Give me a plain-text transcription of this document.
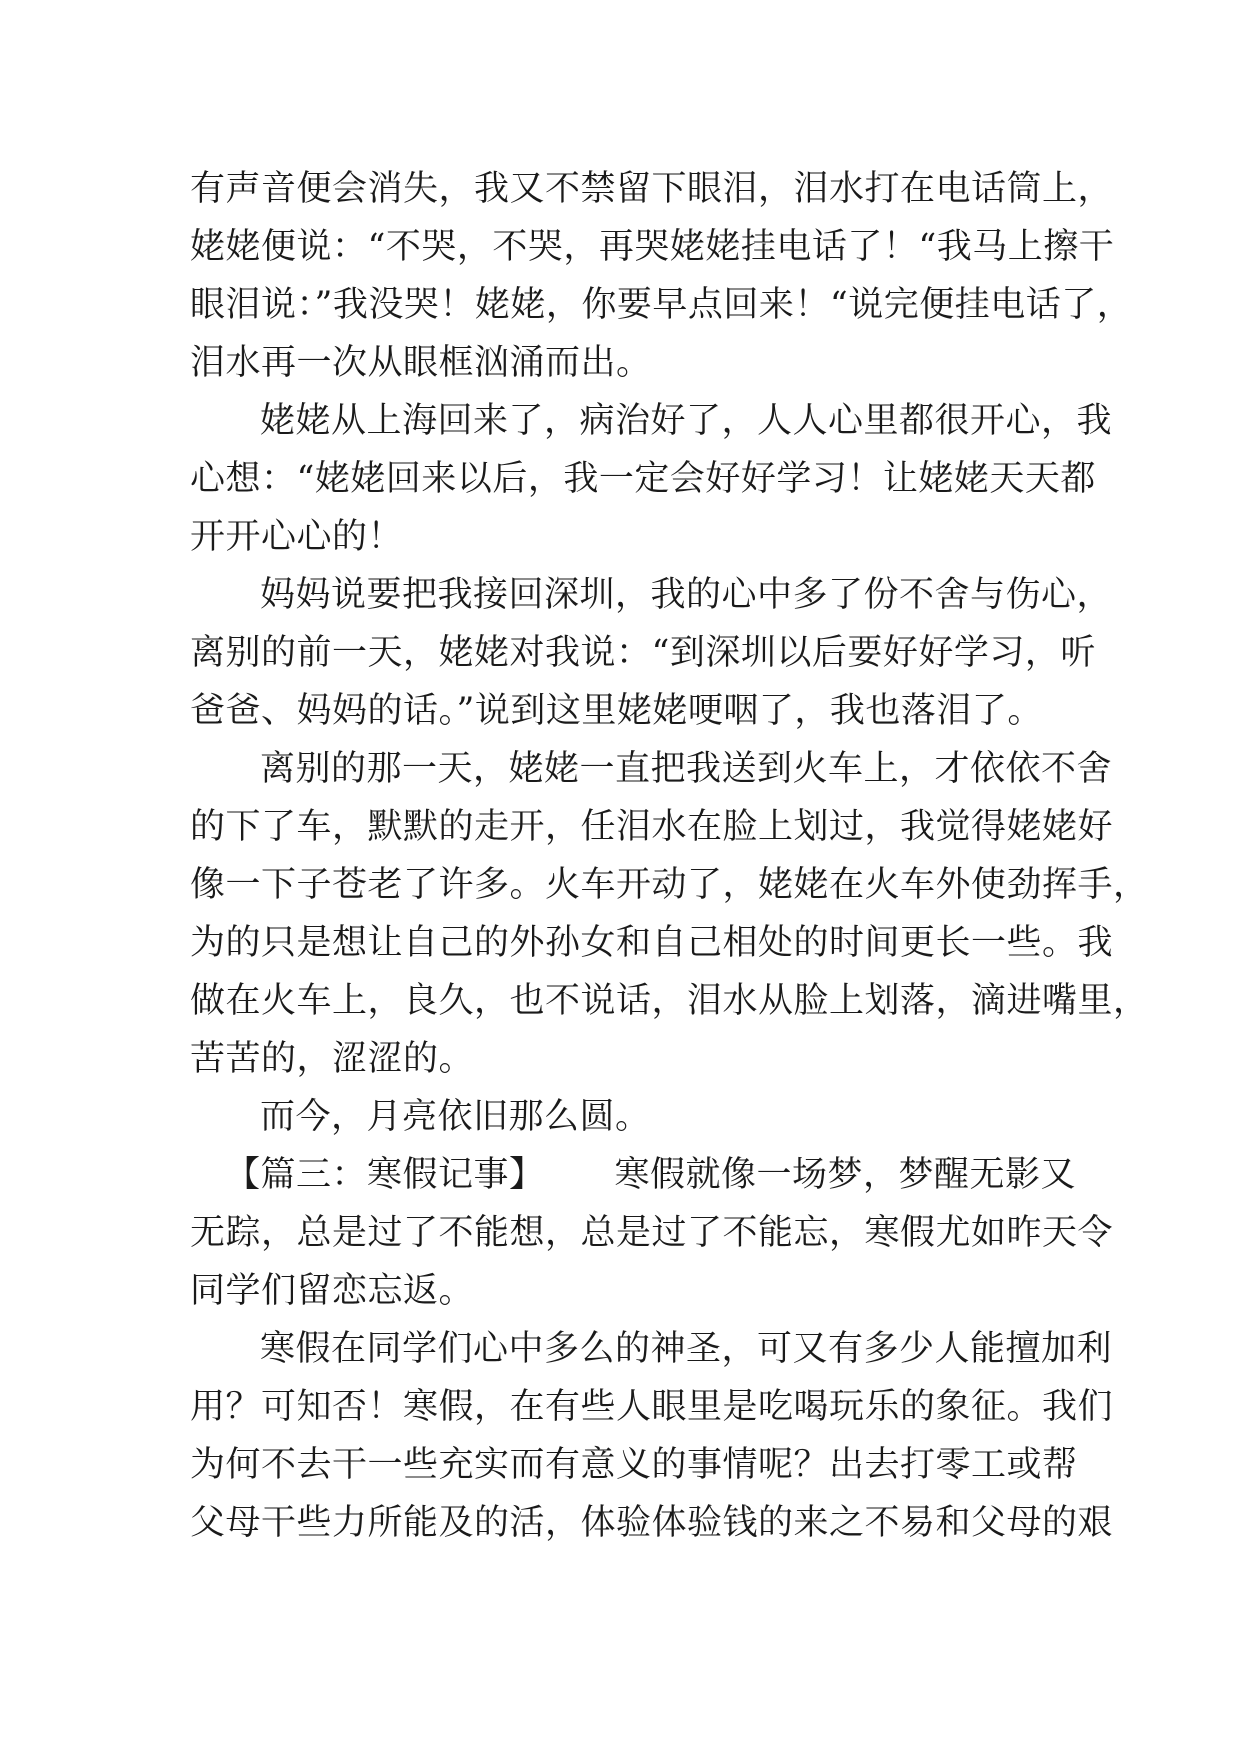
有声音便会消失，我又不禁留下眼泪，泪水打在电话筒上，
姥姥便说：“不哭，不哭，再哭姥姥挂电话了！“我马上擦干
眼泪说：”我没哭！姥姥，你要早点回来！“说完便挂电话了，
泪水再一次从眼框汹涌而出。
姥姥从上海回来了，病治好了，人人心里都很开心，我
心想：“姥姥回来以后，我一定会好好学习！让姥姥天天都
开开心心的！
妈妈说要把我接回深圳，我的心中多了份不舍与伤心，
离别的前一天，姥姥对我说：“到深圳以后要好好学习，听
爸爸、妈妈的话。”说到这里姥姥哽咽了，我也落泪了。
离别的那一天，姥姥一直把我送到火车上，才依依不舍
的下了车，默默的走开，任泪水在脸上划过，我觉得姥姥好
像一下子苍老了许多。火车开动了，姥姥在火车外使劲挥手，
为的只是想让自己的外孙女和自己相处的时间更长一些。我
做在火车上，良久，也不说话，泪水从脸上划落，滴进嘴里，
苦苦的，涩涩的。
而今，月亮依旧那么圆。
【篇三：寒假记事】 寒假就像一场梦，梦醒无影又
无踪，总是过了不能想，总是过了不能忘，寒假尤如昨天令
同学们留恋忘返。
寒假在同学们心中多么的神圣，可又有多少人能擅加利
用？可知否！寒假，在有些人眼里是吃喝玩乐的象征。我们
为何不去干一些充实而有意义的事情呢？出去打零工或帮
父母干些力所能及的活，体验体验钱的来之不易和父母的艰
